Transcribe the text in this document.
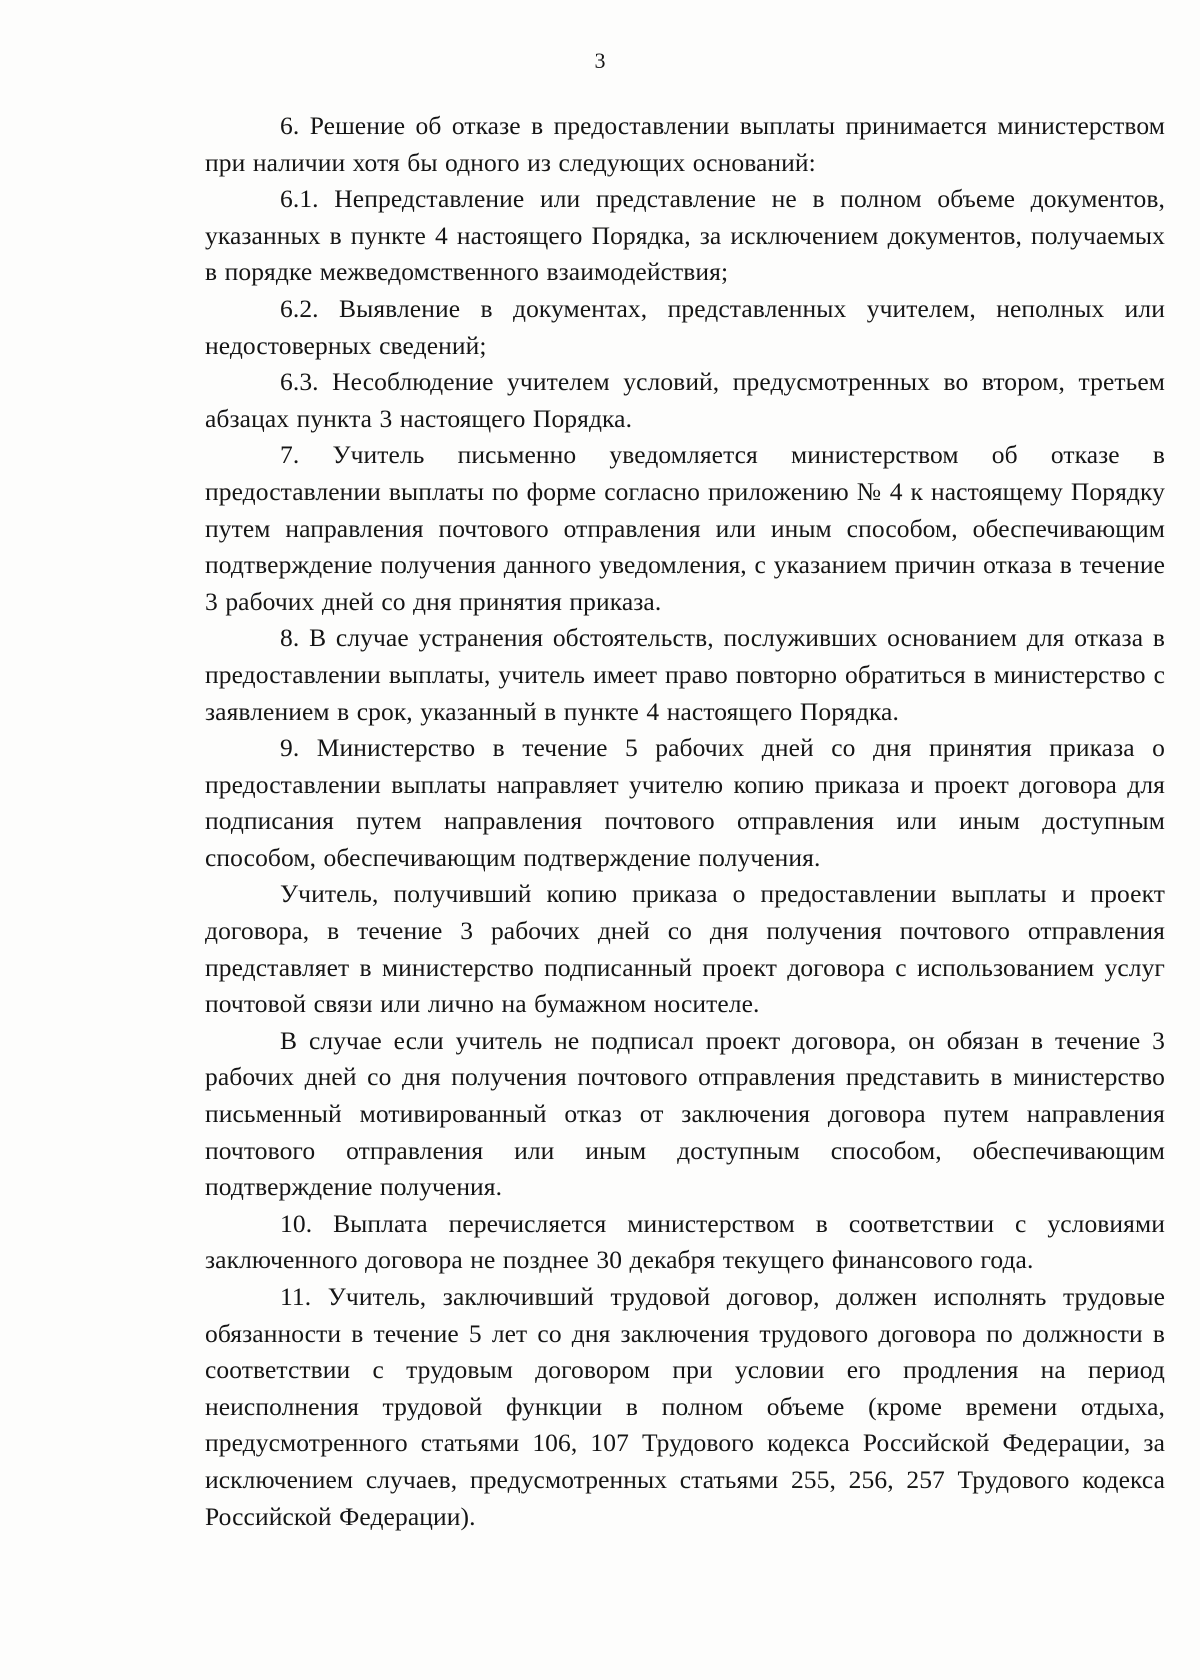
3

6. Решение об отказе в предоставлении выплаты принимается министерством при наличии хотя бы одного из следующих оснований:

6.1. Непредставление или представление не в полном объеме документов, указанных в пункте 4 настоящего Порядка, за исключением документов, получаемых в порядке межведомственного взаимодействия;

6.2. Выявление в документах, представленных учителем, неполных или недостоверных сведений;

6.3. Несоблюдение учителем условий, предусмотренных во втором, третьем абзацах пункта 3 настоящего Порядка.

7. Учитель письменно уведомляется министерством об отказе в предоставлении выплаты по форме согласно приложению № 4 к настоящему Порядку путем направления почтового отправления или иным способом, обеспечивающим подтверждение получения данного уведомления, с указанием причин отказа в течение 3 рабочих дней со дня принятия приказа.

8. В случае устранения обстоятельств, послуживших основанием для отказа в предоставлении выплаты, учитель имеет право повторно обратиться в министерство с заявлением в срок, указанный в пункте 4 настоящего Порядка.

9. Министерство в течение 5 рабочих дней со дня принятия приказа о предоставлении выплаты направляет учителю копию приказа и проект договора для подписания путем направления почтового отправления или иным доступным способом, обеспечивающим подтверждение получения.

Учитель, получивший копию приказа о предоставлении выплаты и проект договора, в течение 3 рабочих дней со дня получения почтового отправления представляет в министерство подписанный проект договора с использованием услуг почтовой связи или лично на бумажном носителе.

В случае если учитель не подписал проект договора, он обязан в течение 3 рабочих дней со дня получения почтового отправления представить в министерство письменный мотивированный отказ от заключения договора путем направления почтового отправления или иным доступным способом, обеспечивающим подтверждение получения.

10. Выплата перечисляется министерством в соответствии с условиями заключенного договора не позднее 30 декабря текущего финансового года.

11. Учитель, заключивший трудовой договор, должен исполнять трудовые обязанности в течение 5 лет со дня заключения трудового договора по должности в соответствии с трудовым договором при условии его продления на период неисполнения трудовой функции в полном объеме (кроме времени отдыха, предусмотренного статьями 106, 107 Трудового кодекса Российской Федерации, за исключением случаев, предусмотренных статьями 255, 256, 257 Трудового кодекса Российской Федерации).
